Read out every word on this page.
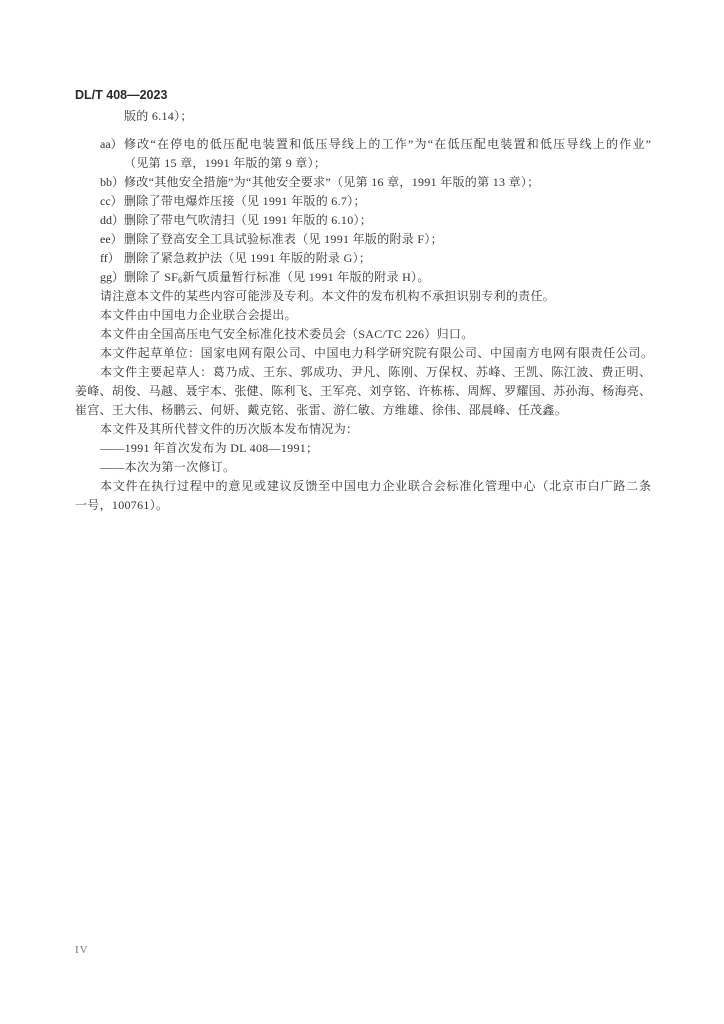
DL/T 408—2023
版的 6.14）；
aa） 修改“在停电的低压配电装置和低压导线上的工作”为“在低压配电装置和低压导线上的作业”
（见第 15 章，1991 年版的第 9 章）；
bb） 修改“其他安全措施”为“其他安全要求”（见第 16 章，1991 年版的第 13 章）；
cc） 删除了带电爆炸压接（见 1991 年版的 6.7）；
dd） 删除了带电气吹清扫（见 1991 年版的 6.10）；
ee） 删除了登高安全工具试验标准表（见 1991 年版的附录 F）；
ff） 删除了紧急救护法（见 1991 年版的附录 G）；
gg） 删除了 $SF_6$新气质量暂行标准（见 1991 年版的附录 H）。
请注意本文件的某些内容可能涉及专利。本文件的发布机构不承担识别专利的责任。
本文件由中国电力企业联合会提出。
本文件由全国高压电气安全标准化技术委员会（SAC/TC 226）归口。
本文件起草单位：国家电网有限公司、中国电力科学研究院有限公司、中国南方电网有限责任公司。
本文件主要起草人：葛乃成、王东、郭成功、尹凡、陈刚、万保权、苏峰、王凯、陈江波、费正明、
姜峰、胡俊、马越、聂宇本、张健、陈利飞、王军亮、刘亨铭、许栋栋、周辉、罗耀国、苏孙海、杨海亮、
崔宫、王大伟、杨鹏云、何妍、戴克铭、张雷、游仁敏、方维雄、徐伟、邵晨峰、任茂鑫。
本文件及其所代替文件的历次版本发布情况为：
——1991 年首次发布为 DL 408—1991；
——本次为第一次修订。
本文件在执行过程中的意见或建议反馈至中国电力企业联合会标准化管理中心（北京市白广路二条
一号，100761）。
IV
